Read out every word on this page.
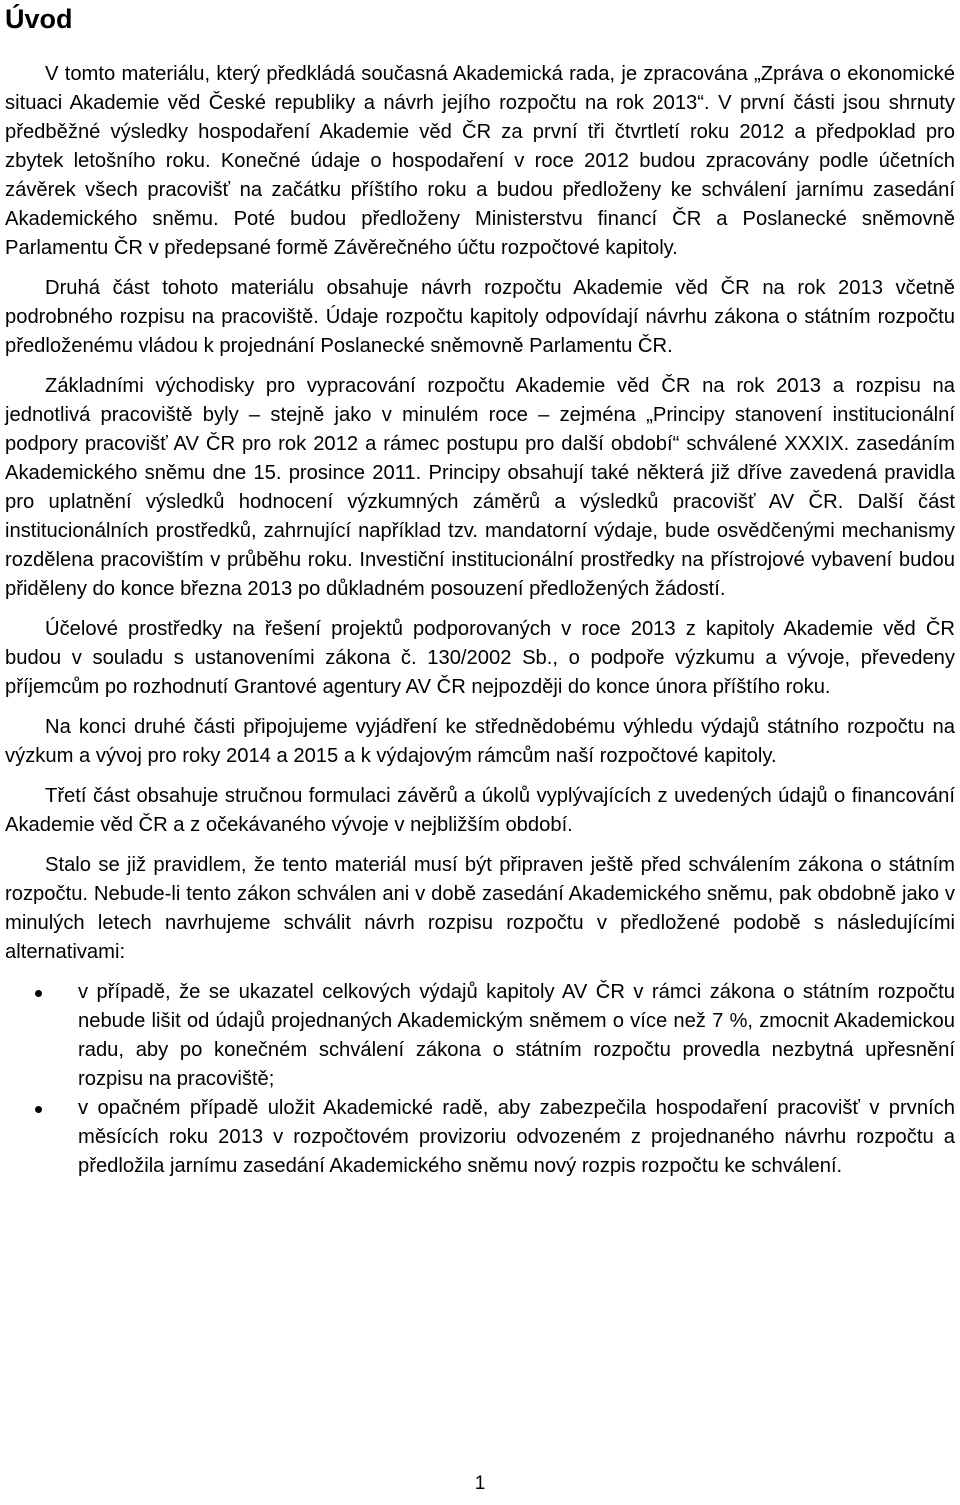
Úvod

V tomto materiálu, který předkládá současná Akademická rada, je zpracována „Zpráva o ekonomické situaci Akademie věd České republiky a návrh jejího rozpočtu na rok 2013“. V první části jsou shrnuty předběžné výsledky hospodaření Akademie věd ČR za první tři čtvrtletí roku 2012 a předpoklad pro zbytek letošního roku. Konečné údaje o hospodaření v roce 2012 budou zpracovány podle účetních závěrek všech pracovišť na začátku příštího roku a budou předloženy ke schválení jarnímu zasedání Akademického sněmu. Poté budou předloženy Ministerstvu financí ČR a Poslanecké sněmovně Parlamentu ČR v předepsané formě Závěrečného účtu rozpočtové kapitoly.

Druhá část tohoto materiálu obsahuje návrh rozpočtu Akademie věd ČR na rok 2013 včetně podrobného rozpisu na pracoviště. Údaje rozpočtu kapitoly odpovídají návrhu zákona o státním rozpočtu předloženému vládou k projednání Poslanecké sněmovně Parlamentu ČR.

Základními východisky pro vypracování rozpočtu Akademie věd ČR na rok 2013 a rozpisu na jednotlivá pracoviště byly – stejně jako v minulém roce – zejména „Principy stanovení institucionální podpory pracovišť AV ČR pro rok 2012 a rámec postupu pro další období“ schválené XXXIX. zasedáním Akademického sněmu dne 15. prosince 2011. Principy obsahují také některá již dříve zavedená pravidla pro uplatnění výsledků hodnocení výzkumných záměrů a výsledků pracovišť AV ČR. Další část institucionálních prostředků, zahrnující například tzv. mandatorní výdaje, bude osvědčenými mechanismy rozdělena pracovištím v průběhu roku. Investiční institucionální prostředky na přístrojové vybavení budou přiděleny do konce března 2013 po důkladném posouzení předložených žádostí.

Účelové prostředky na řešení projektů podporovaných v roce 2013 z kapitoly Akademie věd ČR budou v souladu s ustanoveními zákona č. 130/2002 Sb., o podpoře výzkumu a vývoje, převedeny příjemcům po rozhodnutí Grantové agentury AV ČR nejpozději do konce února příštího roku.

Na konci druhé části připojujeme vyjádření ke střednědobému výhledu výdajů státního rozpočtu na výzkum a vývoj pro roky 2014 a 2015 a k výdajovým rámcům naší rozpočtové kapitoly.

Třetí část obsahuje stručnou formulaci závěrů a úkolů vyplývajících z uvedených údajů o financování Akademie věd ČR a z očekávaného vývoje v nejbližším období.

Stalo se již pravidlem, že tento materiál musí být připraven ještě před schválením zákona o státním rozpočtu. Nebude-li tento zákon schválen ani v době zasedání Akademického sněmu, pak obdobně jako v minulých letech navrhujeme schválit návrh rozpisu rozpočtu v předložené podobě s následujícími alternativami:

v případě, že se ukazatel celkových výdajů kapitoly AV ČR v rámci zákona o státním rozpočtu nebude lišit od údajů projednaných Akademickým sněmem o více než 7 %, zmocnit Akademickou radu, aby po konečném schválení zákona o státním rozpočtu provedla nezbytná upřesnění rozpisu na pracoviště;
v opačném případě uložit Akademické radě, aby zabezpečila hospodaření pracovišť v prvních měsících roku 2013 v rozpočtovém provizoriu odvozeném z projednaného návrhu rozpočtu a předložila jarnímu zasedání Akademického sněmu nový rozpis rozpočtu ke schválení.
1
